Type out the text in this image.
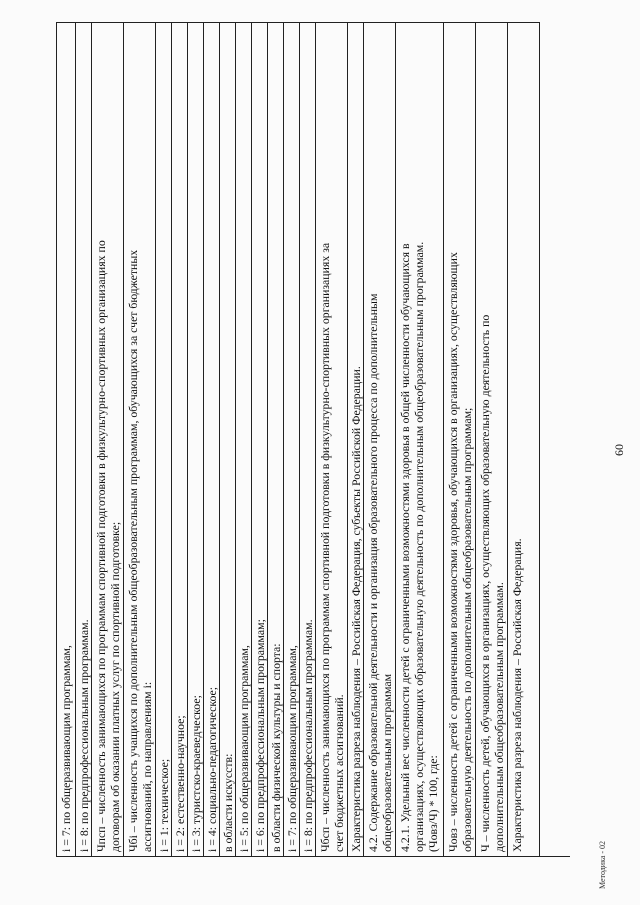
i = 7: по общеразвивающим программам, i = 8: по предпрофессиональным программам. Чпсп – численность занимающихся по программам спортивной подготовки в физкультурно-спортивных организациях по договорам об оказании платных услуг по спортивной подготовке; Чбi – численность учащихся по дополнительным общеобразовательным программам, обучающихся за счет бюджетных ассигнований, по направлениям i: i = 1: техническое; i = 2: естественно-научное; i = 3: туристско-краеведческое; i = 4: социально-педагогическое; в области искусств: i = 5: по общеразвивающим программам, i = 6: по предпрофессиональным программам; в области физической культуры и спорта: i = 7: по общеразвивающим программам, i = 8: по предпрофессиональным программам. Чбсп – численность занимающихся по программам спортивной подготовки в физкультурно-спортивных организациях за счет бюджетных ассигнований. Характеристика разреза наблюдения – Российская Федерация, субъекты Российской Федерации. 4.2. Содержание образовательной деятельности и организация образовательного процесса по дополнительным общеобразовательным программам 4.2.1. Удельный вес численности детей с ограниченными возможностями здоровья в общей численности обучающихся в организациях, осуществляющих образовательную деятельность по дополнительным общеобразовательным программам. (Човз/Ч) * 100, где: Човз – численность детей с ограниченными возможностями здоровья, обучающихся в организациях, осуществляющих образовательную деятельность по дополнительным общеобразовательным программам; Ч – численность детей, обучающихся в организациях, осуществляющих образовательную деятельность по дополнительным общеобразовательным программам. Характеристика разреза наблюдения – Российская Федерация.
60
Методика - 02
